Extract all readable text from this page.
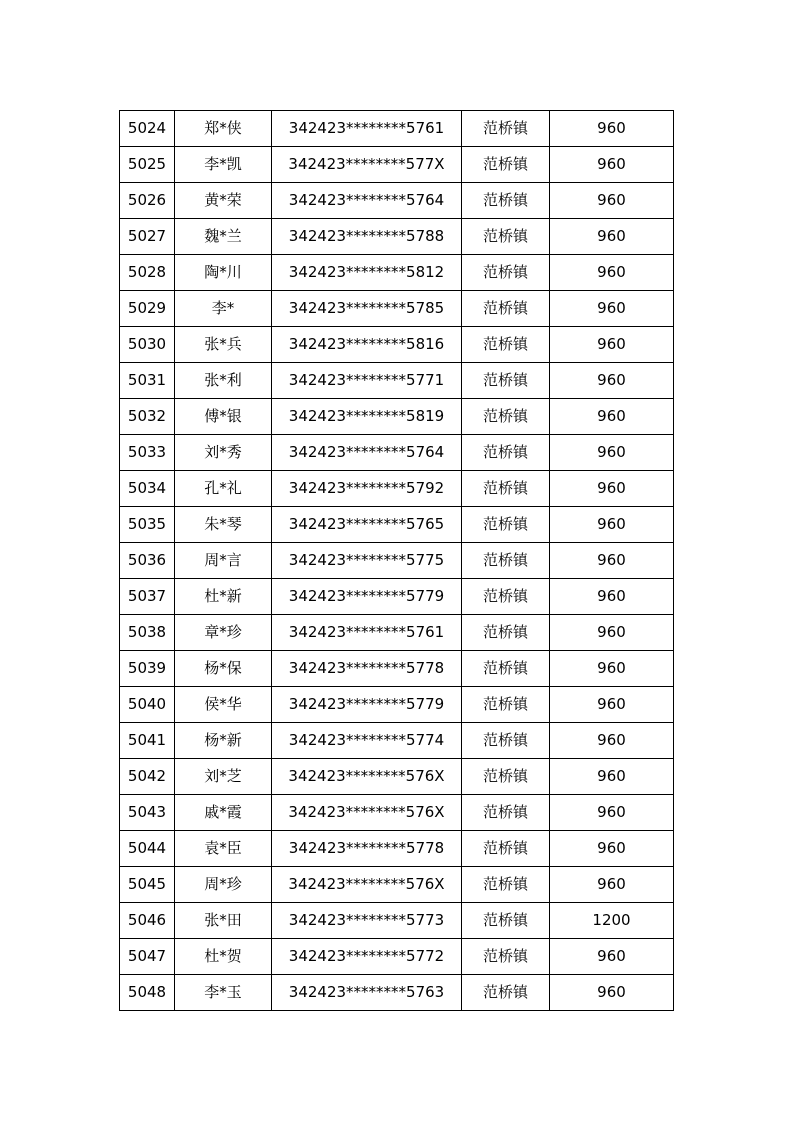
5024	郑*侠	342423********5761	范桥镇	960
5025	李*凯	342423********577X	范桥镇	960
5026	黄*荣	342423********5764	范桥镇	960
5027	魏*兰	342423********5788	范桥镇	960
5028	陶*川	342423********5812	范桥镇	960
5029	李*	342423********5785	范桥镇	960
5030	张*兵	342423********5816	范桥镇	960
5031	张*利	342423********5771	范桥镇	960
5032	傅*银	342423********5819	范桥镇	960
5033	刘*秀	342423********5764	范桥镇	960
5034	孔*礼	342423********5792	范桥镇	960
5035	朱*琴	342423********5765	范桥镇	960
5036	周*言	342423********5775	范桥镇	960
5037	杜*新	342423********5779	范桥镇	960
5038	章*珍	342423********5761	范桥镇	960
5039	杨*保	342423********5778	范桥镇	960
5040	侯*华	342423********5779	范桥镇	960
5041	杨*新	342423********5774	范桥镇	960
5042	刘*芝	342423********576X	范桥镇	960
5043	戚*霞	342423********576X	范桥镇	960
5044	袁*臣	342423********5778	范桥镇	960
5045	周*珍	342423********576X	范桥镇	960
5046	张*田	342423********5773	范桥镇	1200
5047	杜*贺	342423********5772	范桥镇	960
5048	李*玉	342423********5763	范桥镇	960
